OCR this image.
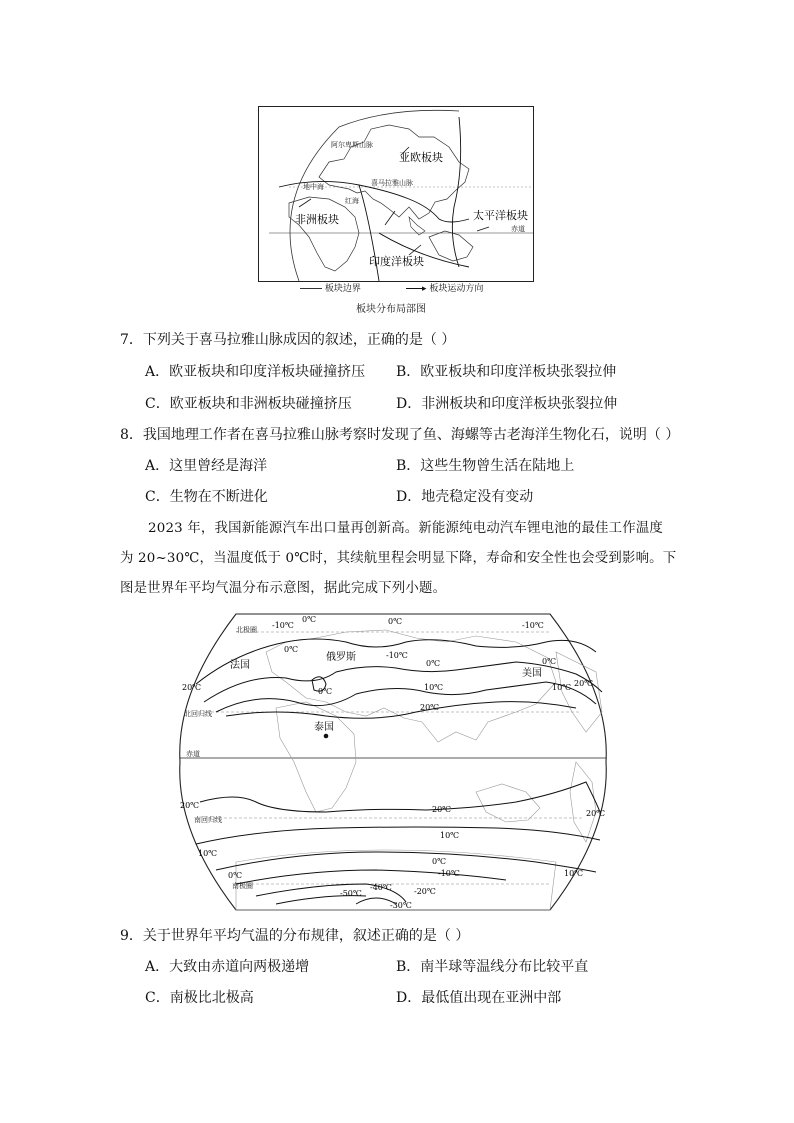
亚欧板块
太平洋板块
非洲板块
印度洋板块
阿尔卑斯山脉
喜马拉雅山脉
地中海
红海
赤道
板块边界	▸ 板块运动方向
板块分布局部图
7．下列关于喜马拉雅山脉成因的叙述，正确的是（ ）
A．欧亚板块和印度洋板块碰撞挤压 B．欧亚板块和印度洋板块张裂拉伸
C．欧亚板块和非洲板块碰撞挤压	D．非洲板块和印度洋板块张裂拉伸
8．我国地理工作者在喜马拉雅山脉考察时发现了鱼、海螺等古老海洋生物化石，说明（ ）
A．这里曾经是海洋	B．这些生物曾生活在陆地上
C．生物在不断进化	D．地壳稳定没有变动
2023 年，我国新能源汽车出口量再创新高。新能源纯电动汽车锂电池的最佳工作温度
为 20~30℃，当温度低于 0℃时，其续航里程会明显下降，寿命和安全性也会受到影响。下
图是世界年平均气温分布示意图，据此完成下列小题。
北极圈
俄罗斯
法国
美国
北回归线
泰国
赤道
南回归线
南极圈
-10℃
0℃	0℃
-10℃
-10℃
0℃
0℃	0℃
0℃	10℃	10℃
20℃
20℃
20℃
20℃	20℃	20℃
10℃
10℃
0℃
0℃	-10℃
-20℃
-30℃
-40℃
-50℃
10℃
9．关于世界年平均气温的分布规律，叙述正确的是（ ）
A．大致由赤道向两极递增	B．南半球等温线分布比较平直
C．南极比北极高	D．最低值出现在亚洲中部
